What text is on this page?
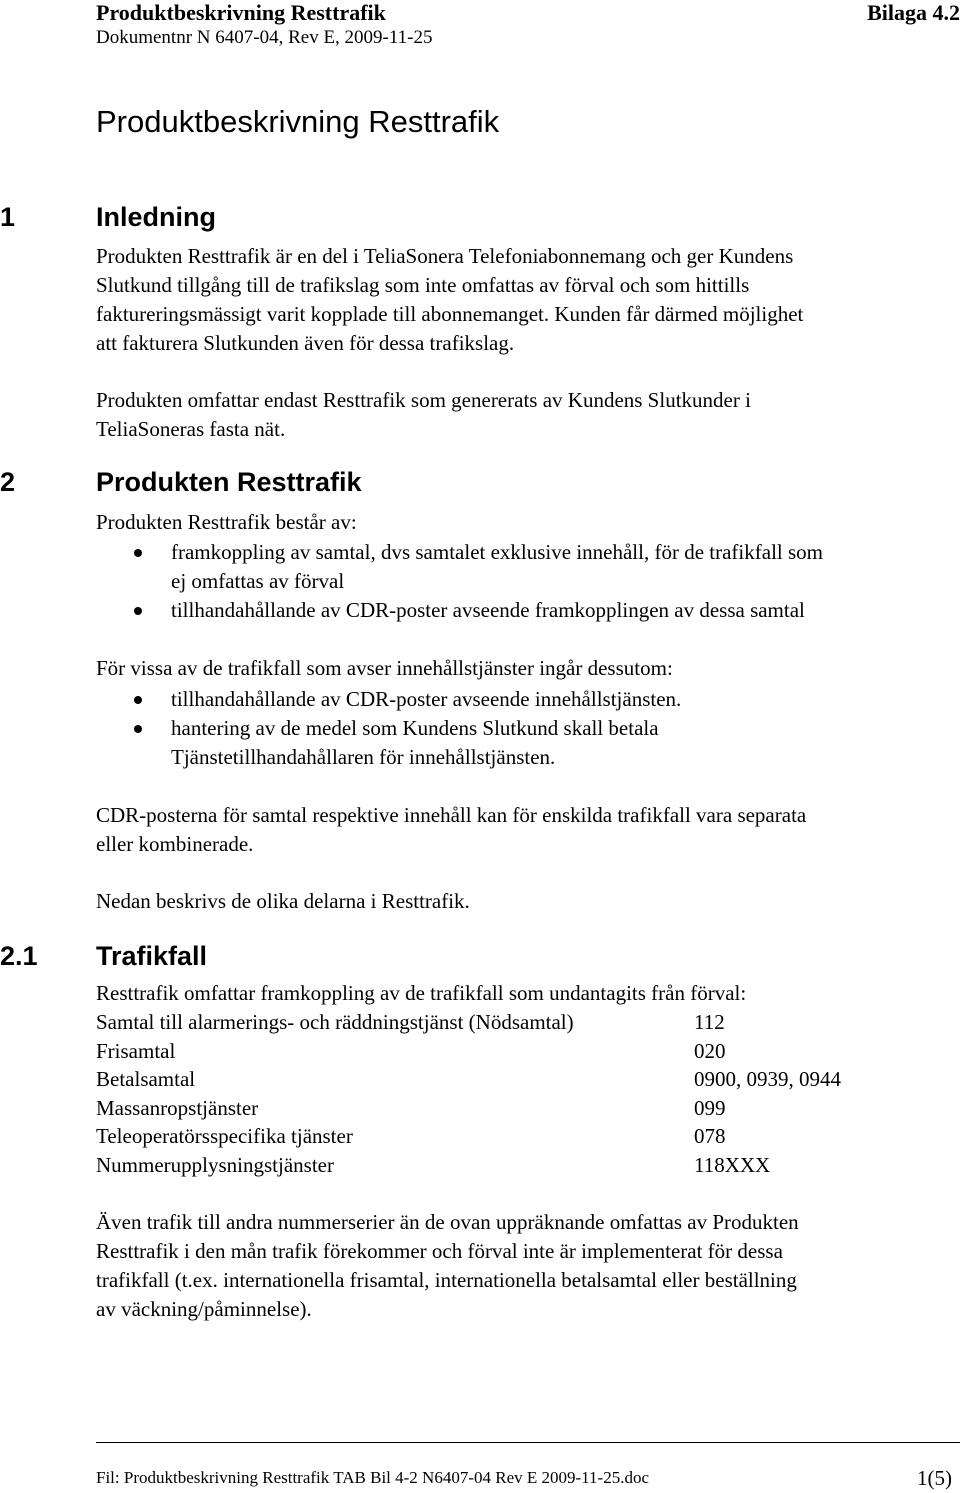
Produktbeskrivning Resttrafik	Bilaga 4.2
Dokumentnr N 6407-04, Rev E, 2009-11-25
Produktbeskrivning Resttrafik
1	Inledning
Produkten Resttrafik är en del i TeliaSonera Telefoniabonnemang och ger Kundens
Slutkund tillgång till de trafikslag som inte omfattas av förval och som hittills
faktureringsmässigt varit kopplade till abonnemanget. Kunden får därmed möjlighet
att fakturera Slutkunden även för dessa trafikslag.
Produkten omfattar endast Resttrafik som genererats av Kundens Slutkunder i
TeliaSoneras fasta nät.
2	Produkten Resttrafik
Produkten Resttrafik består av:
framkoppling av samtal, dvs samtalet exklusive innehåll, för de trafikfall som
ej omfattas av förval
tillhandahållande av CDR-poster avseende framkopplingen av dessa samtal
För vissa av de trafikfall som avser innehållstjänster ingår dessutom:
tillhandahållande av CDR-poster avseende innehållstjänsten.
hantering av de medel som Kundens Slutkund skall betala
Tjänstetillhandahållaren för innehållstjänsten.
CDR-posterna för samtal respektive innehåll kan för enskilda trafikfall vara separata
eller kombinerade.
Nedan beskrivs de olika delarna i Resttrafik.
2.1 Trafikfall
Resttrafik omfattar framkoppling av de trafikfall som undantagits från förval:
Samtal till alarmerings- och räddningstjänst (Nödsamtal)	112
Frisamtal	020
Betalsamtal	0900, 0939, 0944
Massanropstjänster	099
Teleoperatörsspecifika tjänster	078
Nummerupplysningstjänster	118XXX
Även trafik till andra nummerserier än de ovan uppräknande omfattas av Produkten
Resttrafik i den mån trafik förekommer och förval inte är implementerat för dessa
trafikfall (t.ex. internationella frisamtal, internationella betalsamtal eller beställning
av väckning/påminnelse).
Fil: Produktbeskrivning Resttrafik TAB Bil 4-2 N6407-04 Rev E 2009-11-25.doc	1(5)
